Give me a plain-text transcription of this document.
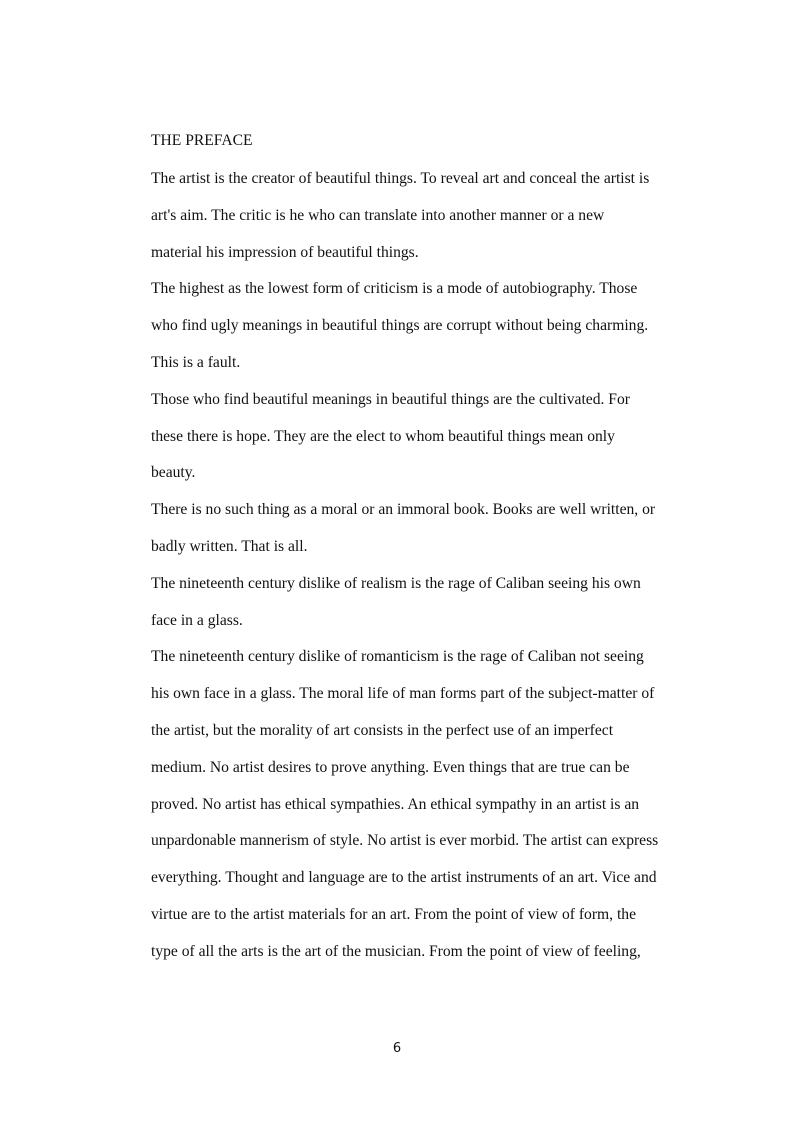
THE PREFACE
The artist is the creator of beautiful things. To reveal art and conceal the artist is
art's aim. The critic is he who can translate into another manner or a new
material his impression of beautiful things.
The highest as the lowest form of criticism is a mode of autobiography. Those
who find ugly meanings in beautiful things are corrupt without being charming.
This is a fault.
Those who find beautiful meanings in beautiful things are the cultivated. For
these there is hope. They are the elect to whom beautiful things mean only
beauty.
There is no such thing as a moral or an immoral book. Books are well written, or
badly written. That is all.
The nineteenth century dislike of realism is the rage of Caliban seeing his own
face in a glass.
The nineteenth century dislike of romanticism is the rage of Caliban not seeing
his own face in a glass. The moral life of man forms part of the subject-matter of
the artist, but the morality of art consists in the perfect use of an imperfect
medium. No artist desires to prove anything. Even things that are true can be
proved. No artist has ethical sympathies. An ethical sympathy in an artist is an
unpardonable mannerism of style. No artist is ever morbid. The artist can express
everything. Thought and language are to the artist instruments of an art. Vice and
virtue are to the artist materials for an art. From the point of view of form, the
type of all the arts is the art of the musician. From the point of view of feeling,
6
